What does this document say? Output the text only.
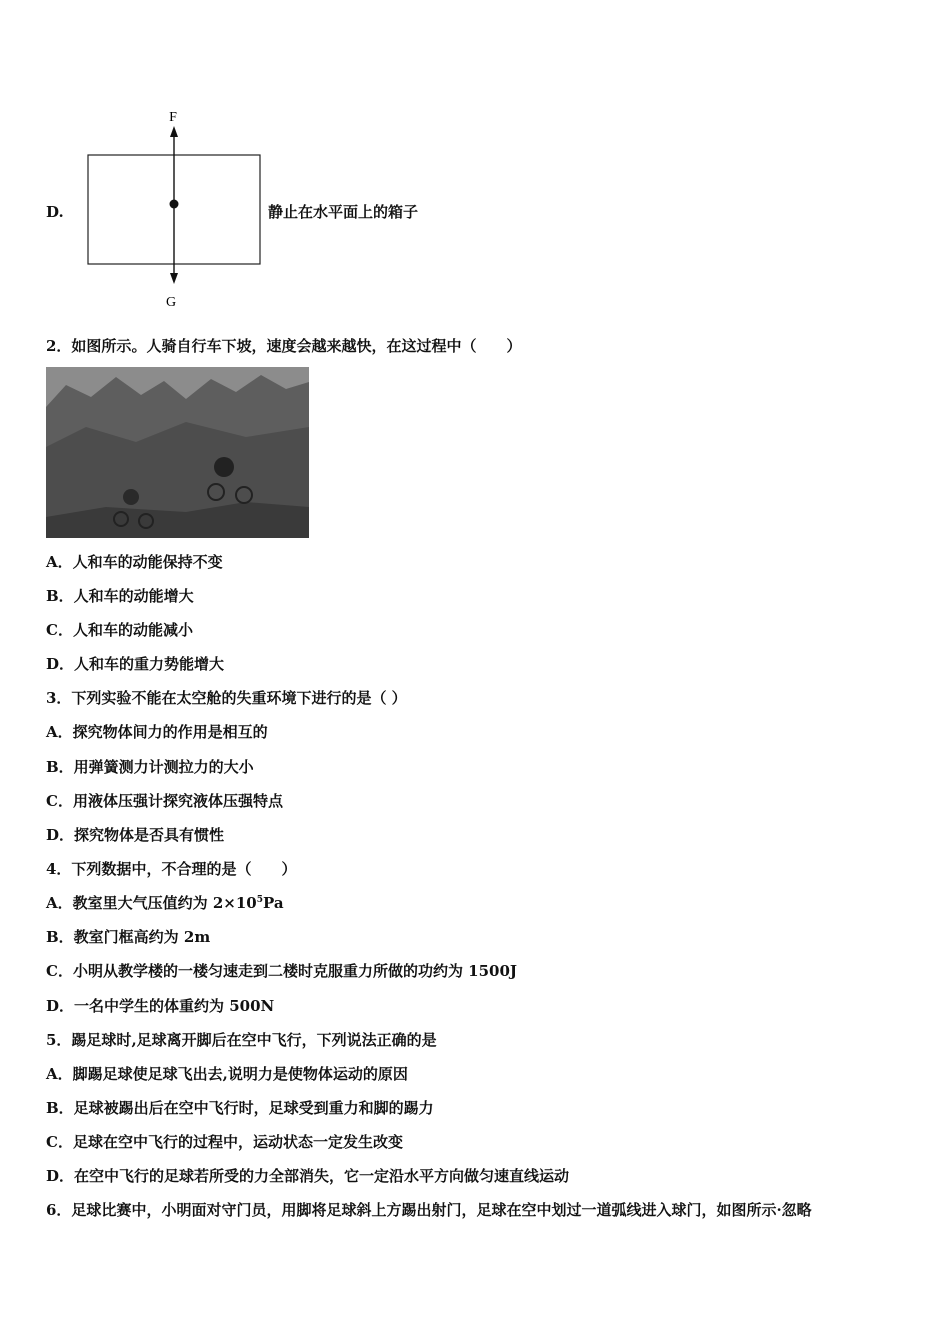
D.
F
G
静止在水平面上的箱子
2．如图所示。人骑自行车下坡，速度会越来越快，在这过程中（　　）
A．人和车的动能保持不变
B．人和车的动能增大
C．人和车的动能减小
D．人和车的重力势能增大
3．下列实验不能在太空舱的失重环境下进行的是（ ）
A．探究物体间力的作用是相互的
B．用弹簧测力计测拉力的大小
C．用液体压强计探究液体压强特点
D．探究物体是否具有惯性
4．下列数据中，不合理的是（　　）
A．教室里大气压值约为 $2\times 10^5Pa$
B．教室门框高约为 2m
C．小明从教学楼的一楼匀速走到二楼时克服重力所做的功约为 1500J
D．一名中学生的体重约为 500N
5．踢足球时,足球离开脚后在空中飞行，下列说法正确的是
A．脚踢足球使足球飞出去,说明力是使物体运动的原因
B．足球被踢出后在空中飞行时，足球受到重力和脚的踢力
C．足球在空中飞行的过程中，运动状态一定发生改变
D．在空中飞行的足球若所受的力全部消失，它一定沿水平方向做匀速直线运动
6．足球比赛中，小明面对守门员，用脚将足球斜上方踢出射门，足球在空中划过一道弧线进入球门，如图所示·忽略
